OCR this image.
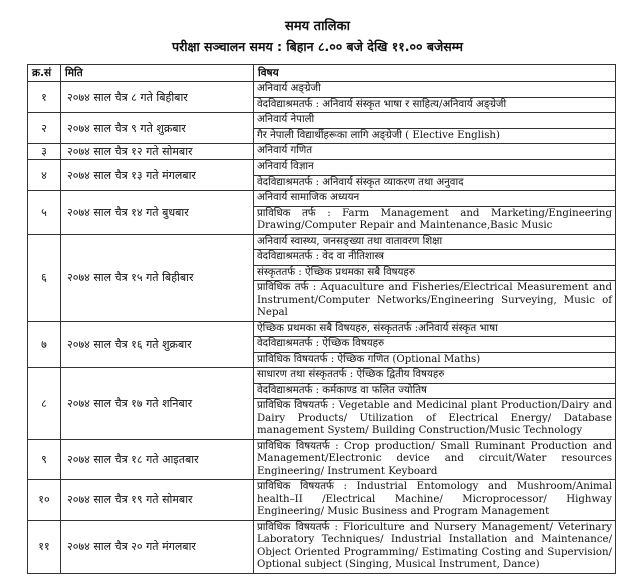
समय तालिका
परीक्षा सञ्चालन समय : बिहान ८.०० बजे देखि ११.०० बजेसम्म
क्र.सं	मिति	विषय
१	२०७४ साल चैत्र ८ गते बिहीबार	अनिवार्य अङ्ग्रेजी
वेदविद्याश्रमतर्फ : अनिवार्य संस्कृत भाषा र साहित्य/अनिवार्य अङ्ग्रेजी

२	२०७४ साल चैत्र ९ गते शुक्रबार	अनिवार्य नेपाली
गैर नेपाली विद्यार्थीहरूका लागि अङ्ग्रेजी ( Elective English)

३	२०७४ साल चैत्र १२ गते सोमबार	अनिवार्य गणित

४	२०७४ साल चैत्र १३ गते मंगलबार	अनिवार्य विज्ञान
वेदविद्याश्रमतर्फ : अनिवार्य संस्कृत व्याकरण तथा अनुवाद

५	२०७४ साल चैत्र १४ गते बुधबार	अनिवार्य सामाजिक अध्ययन
प्राविधिक तर्फ : Farm Management and Marketing/Engineering Drawing/Computer Repair and Maintenance,Basic Music

६	२०७४ साल चैत्र १५ गते बिहीबार	अनिवार्य स्वास्थ्य, जनसङ्ख्या तथा वातावरण शिक्षा
वेदविद्याश्रमतर्फ : वेद वा नीतिशास्त्र
संस्कृततर्फ : ऐच्छिक प्रथमका सबै विषयहरु
प्राविधिक तर्फ : Aquaculture and Fisheries/Electrical Measurement and Instrument/Computer Networks/Engineering Surveying, Music of Nepal

७	२०७४ साल चैत्र १६ गते शुक्रबार	ऐच्छिक प्रथमका सबै विषयहरु, संस्कृततर्फ :अनिवार्य संस्कृत भाषा
वेदविद्याश्रमतर्फ : ऐच्छिक विषयहरु
प्राविधिक विषयतर्फ : ऐच्छिक गणित (Optional Maths)

८	२०७४ साल चैत्र १७ गते शनिबार	साधारण तथा संस्कृततर्फ : ऐच्छिक द्वितीय विषयहरु
वेदविद्याश्रमतर्फ : कर्मकाण्ड वा फलित ज्योतिष
प्राविधिक विषयतर्फ : Vegetable and Medicinal plant Production/Dairy and Dairy Products/ Utilization of Electrical Energy/ Database management System/ Building Construction/Music Technology

९	२०७४ साल चैत्र १८ गते आइतबार	प्राविधिक विषयतर्फ : Crop production/ Small Ruminant Production and Management/Electronic device and circuit/Water resources Engineering/ Instrument Keyboard

१०	२०७४ साल चैत्र १९ गते सोमबार	प्राविधिक विषयतर्फ : Industrial Entomology and Mushroom/Animal health–II /Electrical Machine/ Microprocessor/ Highway Engineering/ Music Business and Program Management

११	२०७४ साल चैत्र २० गते मंगलबार	प्राविधिक विषयतर्फ : Floriculture and Nursery Management/ Veterinary Laboratory Techniques/ Industrial Installation and Maintenance/ Object Oriented Programming/ Estimating Costing and Supervision/ Optional subject (Singing, Musical Instrument, Dance)
